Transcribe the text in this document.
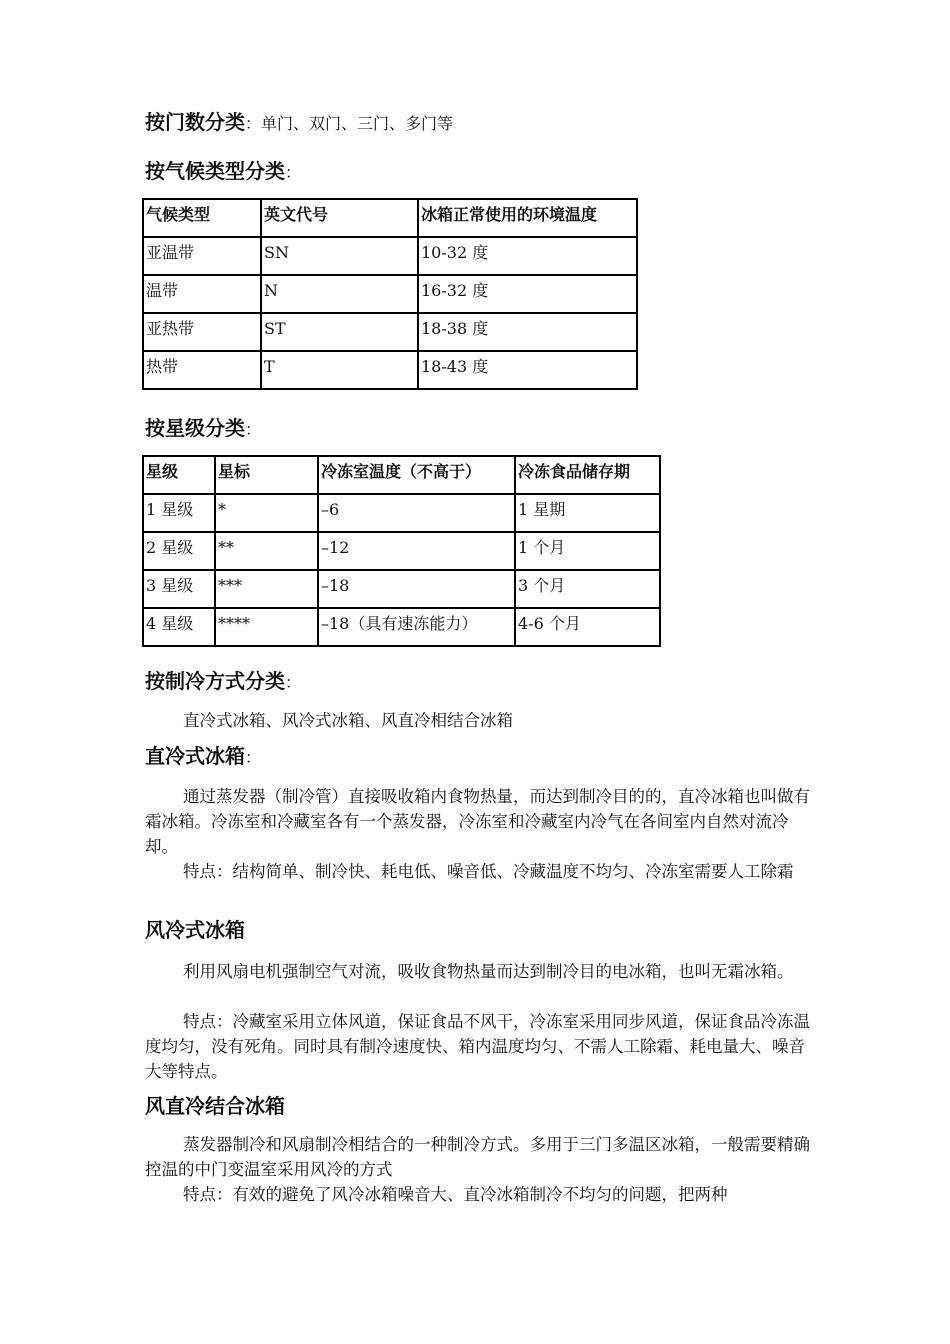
按门数分类：单门、双门、三门、多门等
按气候类型分类：
气候类型	英文代号	冰箱正常使用的环境温度
亚温带	SN	10-32 度
温带	N	16-32 度
亚热带	ST	18-38 度
热带	T	18-43 度
按星级分类：
星级	星标	冷冻室温度（不高于）	冷冻食品储存期
1 星级	*	–6	1 星期
2 星级	**	–12	1 个月
3 星级	***	–18	3 个月
4 星级	****	–18（具有速冻能力）	4-6 个月
按制冷方式分类：

直冷式冰箱、风冷式冰箱、风直冷相结合冰箱

直冷式冰箱：

通过蒸发器（制冷管）直接吸收箱内食物热量，而达到制冷目的的，直冷冰箱也叫做有霜冰箱。冷冻室和冷藏室各有一个蒸发器，冷冻室和冷藏室内冷气在各间室内自然对流冷却。

特点：结构简单、制冷快、耗电低、噪音低、冷藏温度不均匀、冷冻室需要人工除霜

风冷式冰箱

利用风扇电机强制空气对流，吸收食物热量而达到制冷目的电冰箱，也叫无霜冰箱。

特点：冷藏室采用立体风道，保证食品不风干，冷冻室采用同步风道，保证食品冷冻温度均匀，没有死角。同时具有制冷速度快、箱内温度均匀、不需人工除霜、耗电量大、噪音大等特点。

风直冷结合冰箱

蒸发器制冷和风扇制冷相结合的一种制冷方式。多用于三门多温区冰箱，一般需要精确控温的中门变温室采用风冷的方式

特点：有效的避免了风冷冰箱噪音大、直冷冰箱制冷不均匀的问题，把两种
